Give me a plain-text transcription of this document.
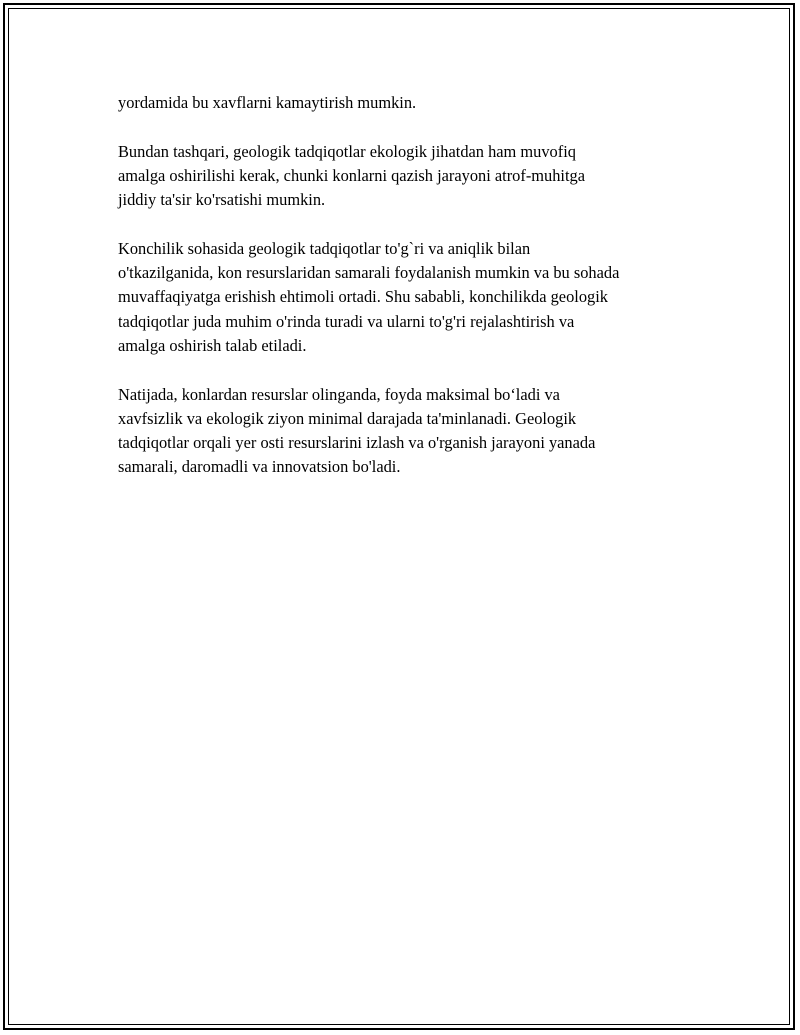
yordamida bu xavflarni kamaytirish mumkin.

Bundan tashqari, geologik tadqiqotlar ekologik jihatdan ham muvofiq
amalga oshirilishi kerak, chunki konlarni qazish jarayoni atrof-muhitga
jiddiy ta'sir ko'rsatishi mumkin.

Konchilik sohasida geologik tadqiqotlar to'g`ri va aniqlik bilan
o'tkazilganida, kon resurslaridan samarali foydalanish mumkin va bu sohada
muvaffaqiyatga erishish ehtimoli ortadi. Shu sababli, konchilikda geologik
tadqiqotlar juda muhim o'rinda turadi va ularni to'g'ri rejalashtirish va
amalga oshirish talab etiladi.

Natijada, konlardan resurslar olinganda, foyda maksimal bo‘ladi va
xavfsizlik va ekologik ziyon minimal darajada ta'minlanadi. Geologik
tadqiqotlar orqali yer osti resurslarini izlash va o'rganish jarayoni yanada
samarali, daromadli va innovatsion bo'ladi.
